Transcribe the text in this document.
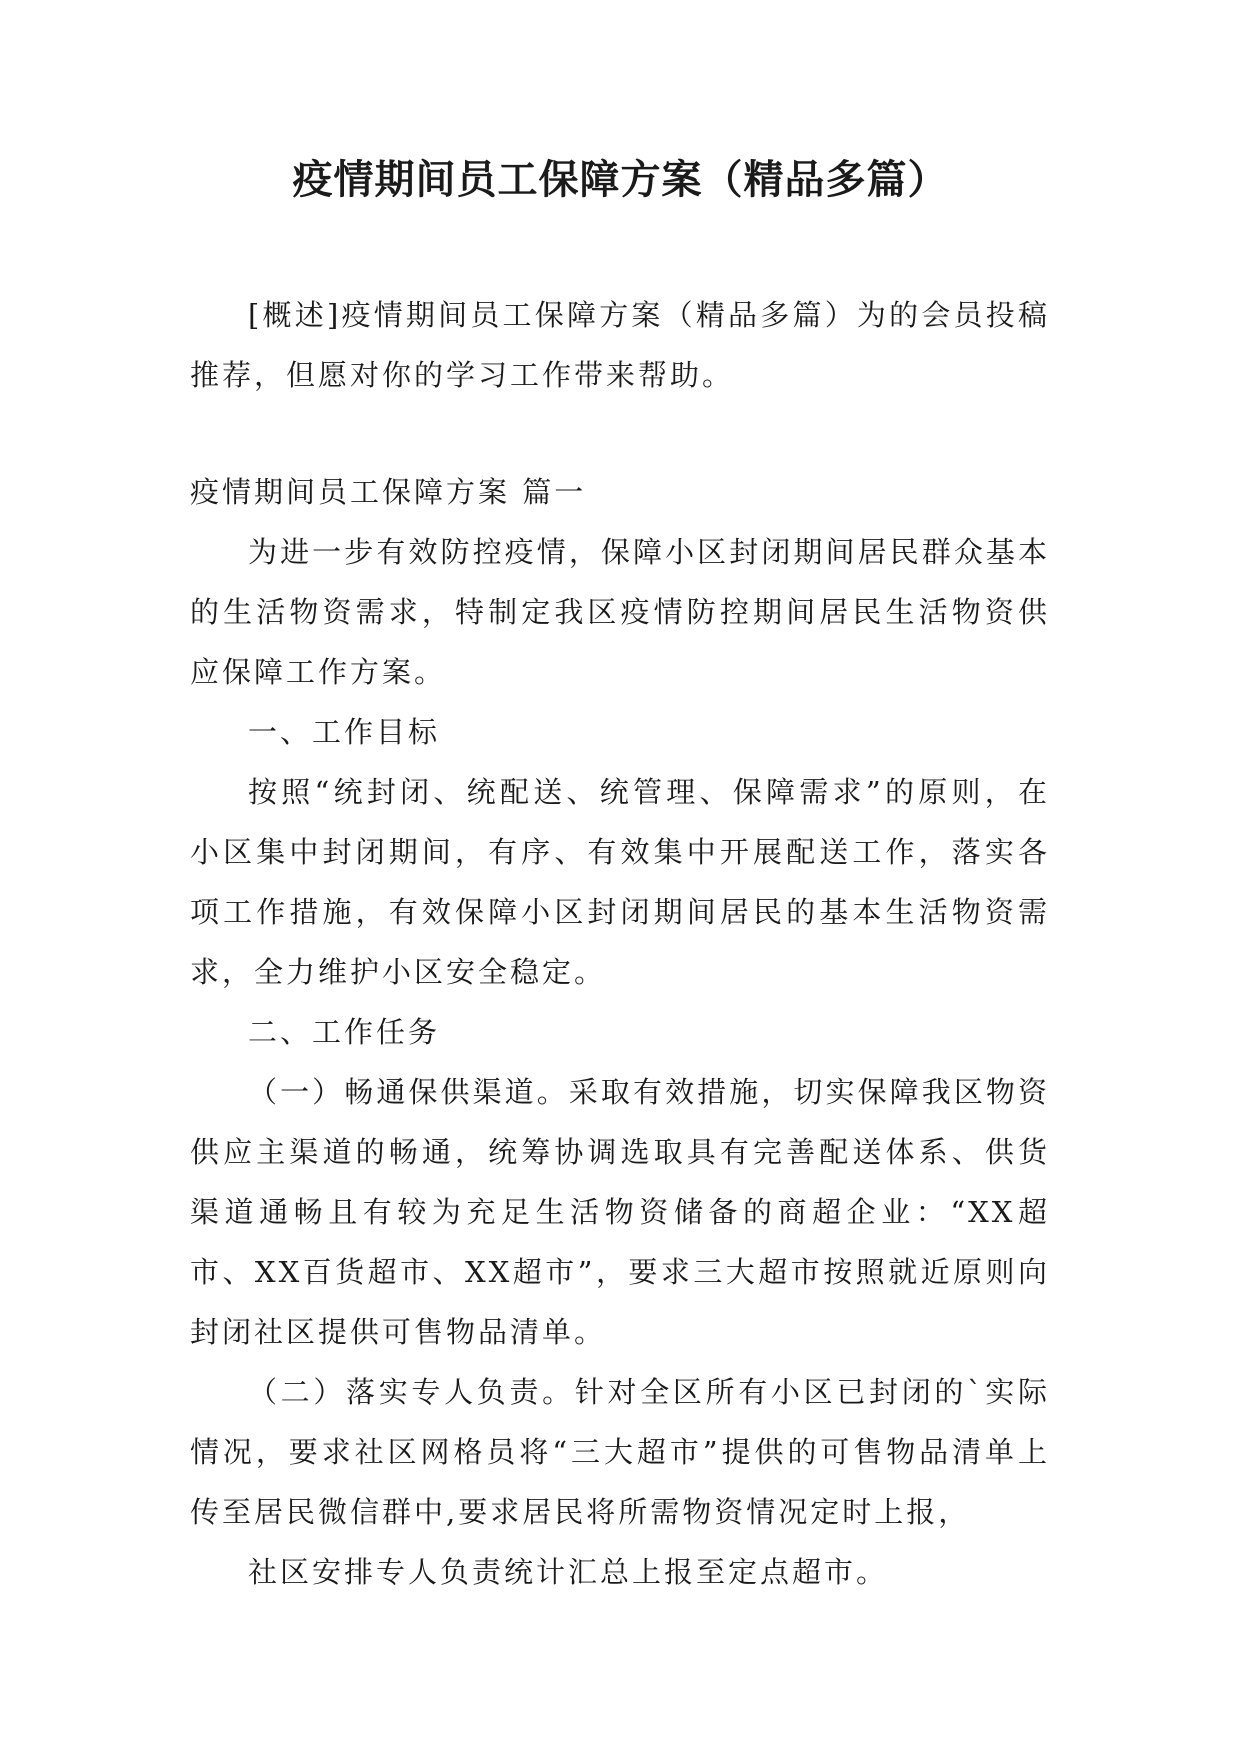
疫情期间员工保障方案（精品多篇）

[概述]疫情期间员工保障方案（精品多篇）为的会员投稿推荐，但愿对你的学习工作带来帮助。

疫情期间员工保障方案 篇一

为进一步有效防控疫情，保障小区封闭期间居民群众基本的生活物资需求，特制定我区疫情防控期间居民生活物资供应保障工作方案。

一、工作目标

按照“统封闭、统配送、统管理、保障需求”的原则，在小区集中封闭期间，有序、有效集中开展配送工作，落实各项工作措施，有效保障小区封闭期间居民的基本生活物资需求，全力维护小区安全稳定。

二、工作任务

（一）畅通保供渠道。采取有效措施，切实保障我区物资供应主渠道的畅通，统筹协调选取具有完善配送体系、供货渠道通畅且有较为充足生活物资储备的商超企业：“XX超市、XX百货超市、XX超市”，要求三大超市按照就近原则向封闭社区提供可售物品清单。

（二）落实专人负责。针对全区所有小区已封闭的`实际情况，要求社区网格员将“三大超市”提供的可售物品清单上传至居民微信群中,要求居民将所需物资情况定时上报，

社区安排专人负责统计汇总上报至定点超市。
